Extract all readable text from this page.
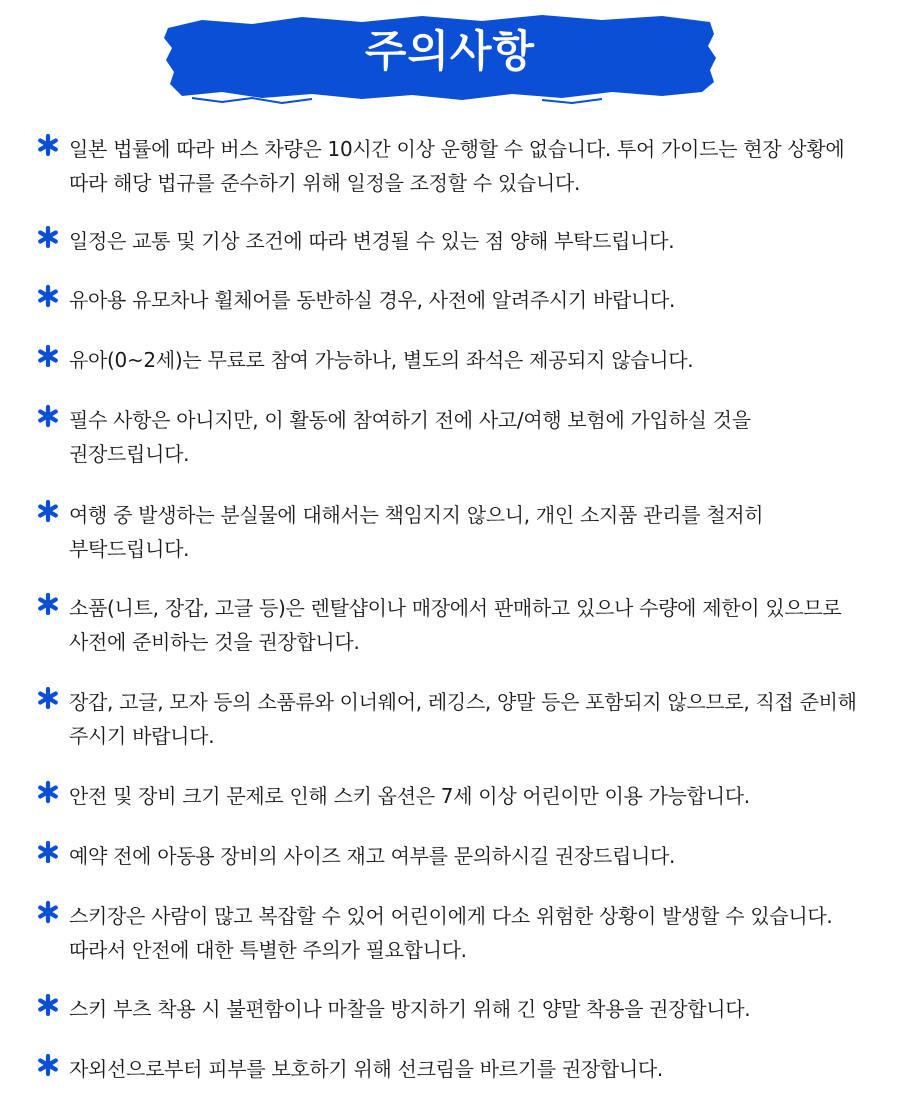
주의사항
일본 법률에 따라 버스 차량은 10시간 이상 운행할 수 없습니다. 투어 가이드는 현장 상황에 따라 해당 법규를 준수하기 위해 일정을 조정할 수 있습니다.
일정은 교통 및 기상 조건에 따라 변경될 수 있는 점 양해 부탁드립니다.
유아용 유모차나 휠체어를 동반하실 경우, 사전에 알려주시기 바랍니다.
유아(0~2세)는 무료로 참여 가능하나, 별도의 좌석은 제공되지 않습니다.
필수 사항은 아니지만, 이 활동에 참여하기 전에 사고/여행 보험에 가입하실 것을 권장드립니다.
여행 중 발생하는 분실물에 대해서는 책임지지 않으니, 개인 소지품 관리를 철저히 부탁드립니다.
소품(니트, 장갑, 고글 등)은 렌탈샵이나 매장에서 판매하고 있으나 수량에 제한이 있으므로 사전에 준비하는 것을 권장합니다.
장갑, 고글, 모자 등의 소품류와 이너웨어, 레깅스, 양말 등은 포함되지 않으므로, 직접 준비해 주시기 바랍니다.
안전 및 장비 크기 문제로 인해 스키 옵션은 7세 이상 어린이만 이용 가능합니다.
예약 전에 아동용 장비의 사이즈 재고 여부를 문의하시길 권장드립니다.
스키장은 사람이 많고 복잡할 수 있어 어린이에게 다소 위험한 상황이 발생할 수 있습니다. 따라서 안전에 대한 특별한 주의가 필요합니다.
스키 부츠 착용 시 불편함이나 마찰을 방지하기 위해 긴 양말 착용을 권장합니다.
자외선으로부터 피부를 보호하기 위해 선크림을 바르기를 권장합니다.
